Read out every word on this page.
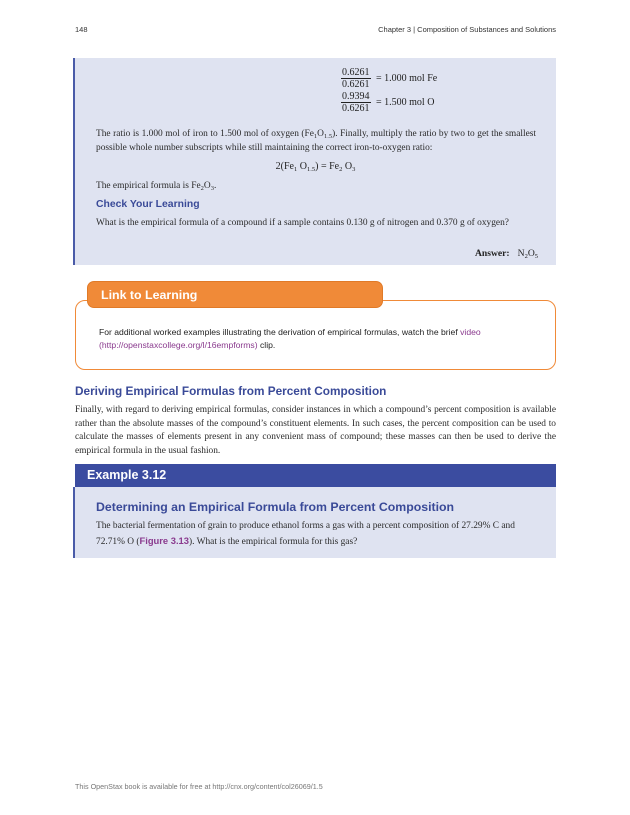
148	Chapter 3 | Composition of Substances and Solutions
$\frac{0.6261}{0.6261} = 1.000$ mol Fe
$\frac{0.9394}{0.6261} = 1.500$ mol O
The ratio is 1.000 mol of iron to 1.500 mol of oxygen $(Fe_1O_{1.5})$. Finally, multiply the ratio by two to get the smallest possible whole number subscripts while still maintaining the correct iron-to-oxygen ratio:
$2(Fe_1$ $O_{1.5}) = Fe_2$ $O_3$
The empirical formula is $Fe_2O_3$.
Check Your Learning
What is the empirical formula of a compound if a sample contains 0.130 g of nitrogen and 0.370 g of oxygen?
Answer: $N_2O_5$
Link to Learning
For additional worked examples illustrating the derivation of empirical formulas, watch the brief video (http://openstaxcollege.org/l/16empforms) clip.
Deriving Empirical Formulas from Percent Composition
Finally, with regard to deriving empirical formulas, consider instances in which a compound’s percent composition is available rather than the absolute masses of the compound’s constituent elements. In such cases, the percent composition can be used to calculate the masses of elements present in any convenient mass of compound; these masses can then be used to derive the empirical formula in the usual fashion.
Example 3.12
Determining an Empirical Formula from Percent Composition
The bacterial fermentation of grain to produce ethanol forms a gas with a percent composition of 27.29% C and 72.71% O (Figure 3.13). What is the empirical formula for this gas?
This OpenStax book is available for free at http://cnx.org/content/col26069/1.5
